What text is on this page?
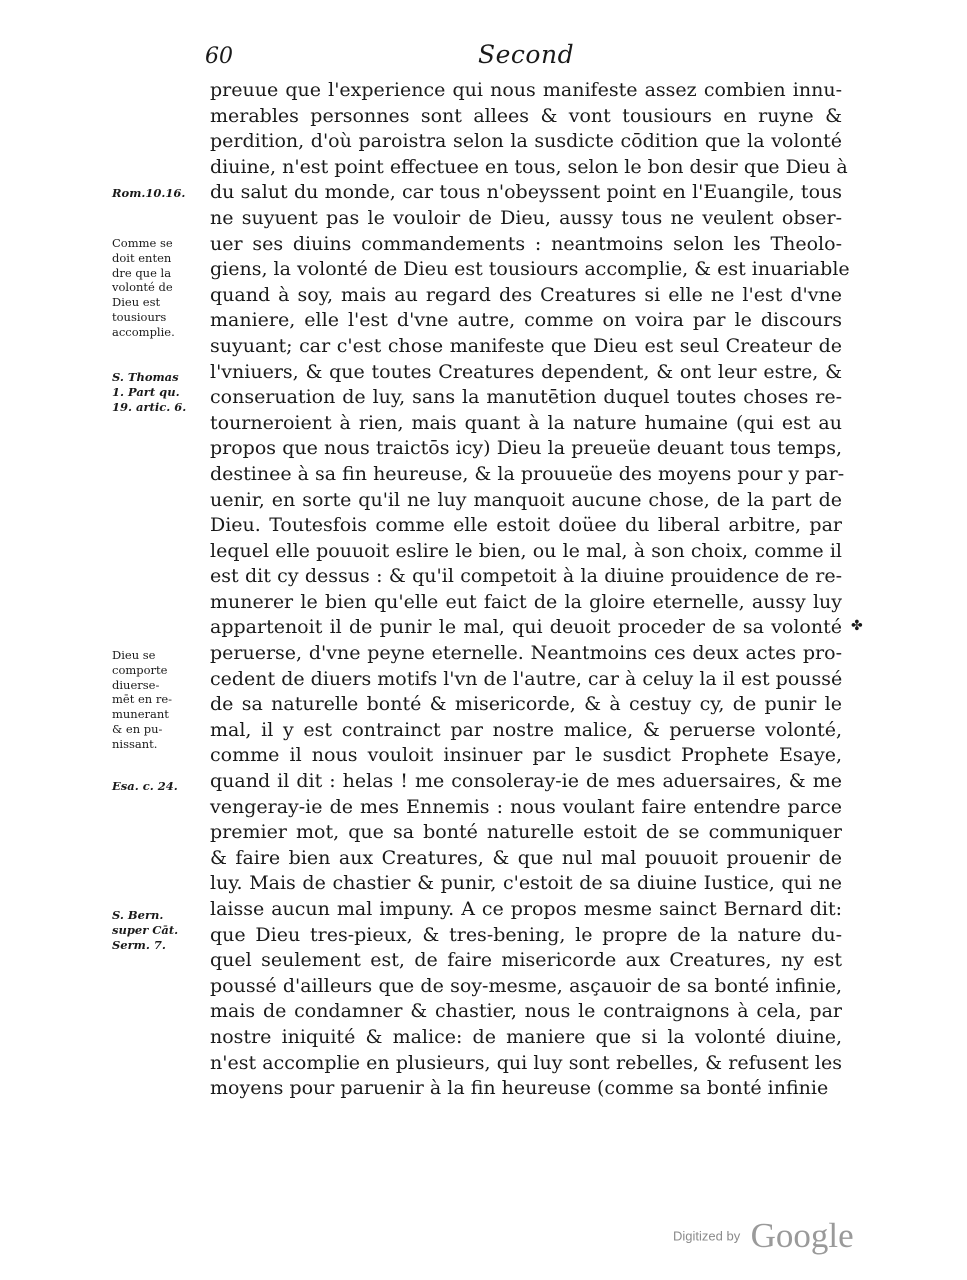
60	Second
Rom.10.16.
Comme se
doit enten
dre que la
volonté de
Dieu est
tousiours
accomplie.
S. Thomas
1. Part qu.
19. artic. 6.
Dieu se
comporte
diuerse-
mēt en re-
munerant
& en pu-
nissant.
Esa. c. 24.
S. Bern.
super Cāt.
Serm. 7.
preuue que l'experience qui nous manifeste assez combien innu-
merables personnes sont allees & vont tousiours en ruyne &
perdition, d'où paroistra selon la susdicte cōdition que la volonté
diuine, n'est point effectuee en tous, selon le bon desir que Dieu à
du salut du monde, car tous n'obeyssent point en l'Euangile, tous
ne suyuent pas le vouloir de Dieu, aussy tous ne veulent obser-
uer ses diuins commandements : neantmoins selon les Theolo-
giens, la volonté de Dieu est tousiours accomplie, & est inuariable
quand à soy, mais au regard des Creatures si elle ne l'est d'vne
maniere, elle l'est d'vne autre, comme on voira par le discours
suyuant; car c'est chose manifeste que Dieu est seul Createur de
l'vniuers, & que toutes Creatures dependent, & ont leur estre, &
conseruation de luy, sans la manutētion duquel toutes choses re-
tourneroient à rien, mais quant à la nature humaine (qui est au
propos que nous traictōs icy) Dieu la preueüe deuant tous temps,
destinee à sa fin heureuse, & la prouueüe des moyens pour y par-
uenir, en sorte qu'il ne luy manquoit aucune chose, de la part de
Dieu. Toutesfois comme elle estoit doüee du liberal arbitre, par
lequel elle pouuoit eslire le bien, ou le mal, à son choix, comme il
est dit cy dessus : & qu'il competoit à la diuine prouidence de re-
munerer le bien qu'elle eut faict de la gloire eternelle, aussy luy
appartenoit il de punir le mal, qui deuoit proceder de sa volonté
peruerse, d'vne peyne eternelle. Neantmoins ces deux actes pro-
cedent de diuers motifs l'vn de l'autre, car à celuy la il est poussé
de sa naturelle bonté & misericorde, & à cestuy cy, de punir le
mal, il y est contrainct par nostre malice, & peruerse volonté,
comme il nous vouloit insinuer par le susdict Prophete Esaye,
quand il dit : helas ! me consoleray-ie de mes aduersaires, & me
vengeray-ie de mes Ennemis : nous voulant faire entendre parce
premier mot, que sa bonté naturelle estoit de se communiquer
& faire bien aux Creatures, & que nul mal pouuoit prouenir de
luy. Mais de chastier & punir, c'estoit de sa diuine Iustice, qui ne
laisse aucun mal impuny. A ce propos mesme sainct Bernard dit:
que Dieu tres-pieux, & tres-bening, le propre de la nature du-
quel seulement est, de faire misericorde aux Creatures, ny est
poussé d'ailleurs que de soy-mesme, asçauoir de sa bonté infinie,
mais de condamner & chastier, nous le contraignons à cela, par
nostre iniquité & malice: de maniere que si la volonté diuine,
n'est accomplie en plusieurs, qui luy sont rebelles, & refusent les
moyens pour paruenir à la fin heureuse (comme sa bonté infinie
✤
Digitized by Google
